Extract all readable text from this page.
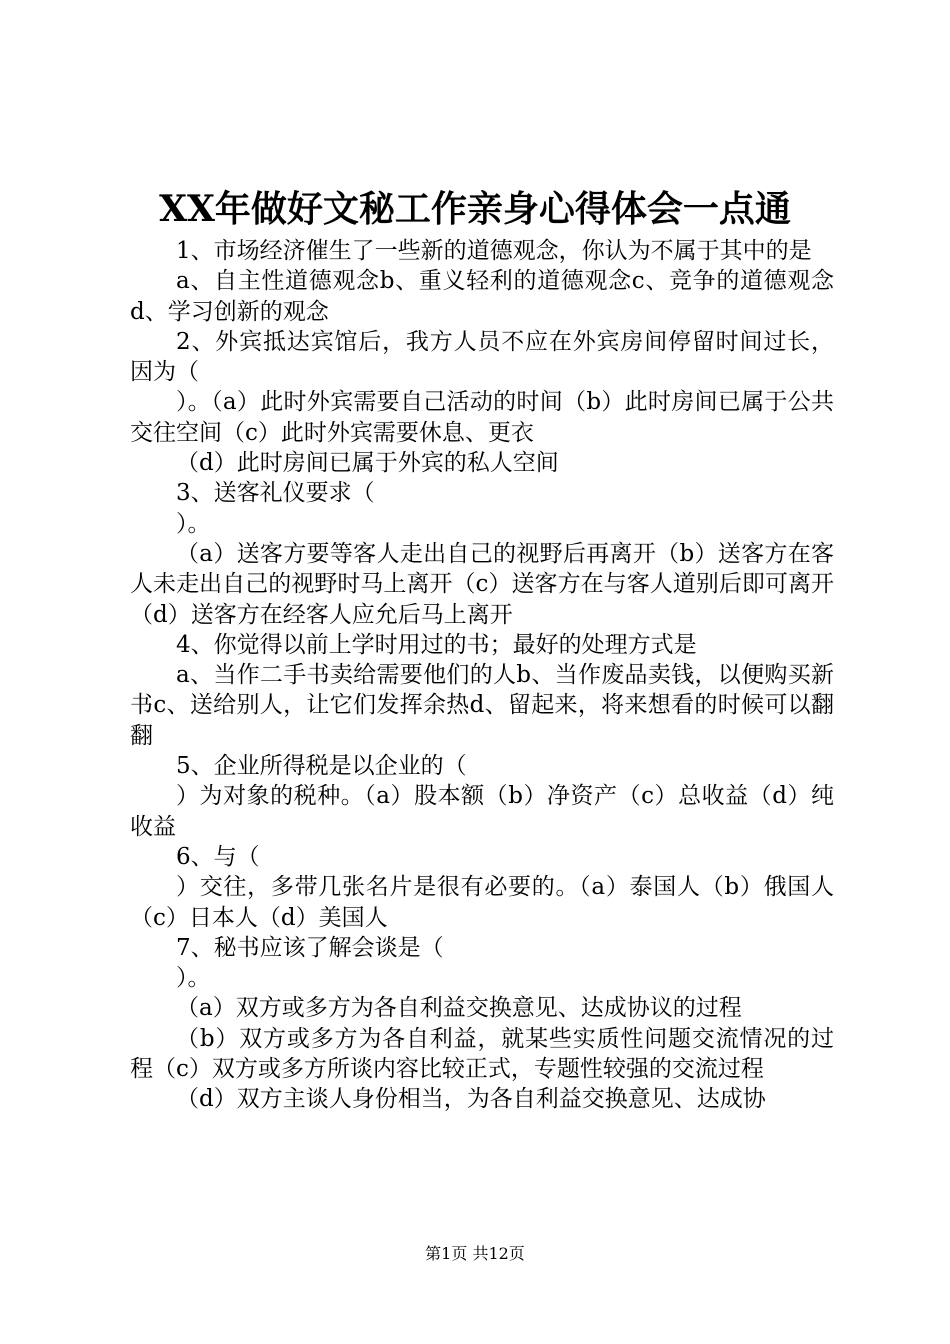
XX年做好文秘工作亲身心得体会一点通

1、市场经济催生了一些新的道德观念，你认为不属于其中的是

a、自主性道德观念b、重义轻利的道德观念c、竞争的道德观念d、学习创新的观念

2、外宾抵达宾馆后，我方人员不应在外宾房间停留时间过长，因为（

）。（a）此时外宾需要自己活动的时间（b）此时房间已属于公共交往空间（c）此时外宾需要休息、更衣

（d）此时房间已属于外宾的私人空间

3、送客礼仪要求（

）。

（a）送客方要等客人走出自己的视野后再离开（b）送客方在客人未走出自己的视野时马上离开（c）送客方在与客人道别后即可离开（d）送客方在经客人应允后马上离开

4、你觉得以前上学时用过的书；最好的处理方式是

a、当作二手书卖给需要他们的人b、当作废品卖钱，以便购买新书c、送给别人，让它们发挥余热d、留起来，将来想看的时候可以翻翻

5、企业所得税是以企业的（

）为对象的税种。（a）股本额（b）净资产（c）总收益（d）纯收益

6、与（

）交往，多带几张名片是很有必要的。（a）泰国人（b）俄国人（c）日本人（d）美国人

7、秘书应该了解会谈是（

）。

（a）双方或多方为各自利益交换意见、达成协议的过程

（b）双方或多方为各自利益，就某些实质性问题交流情况的过程（c）双方或多方所谈内容比较正式，专题性较强的交流过程

（d）双方主谈人身份相当，为各自利益交换意见、达成协

第1页 共12页
